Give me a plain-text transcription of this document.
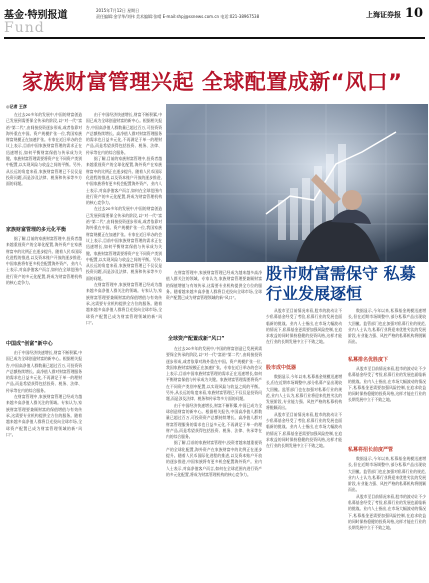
基金·特别报道
Fund
2015年7月12日 星期日
责任编辑:金学华/刘伟 美术编辑:张晴 E-mail:shpj@ssnews.com.cn 电话:021-38967538	上海证券报 10
家族财富管理兴起 全球配置成新“风口”
◎记者 王彦

在过去20多年的发展中,中国的财富创造已发展到需要保全传承的阶段,以“对一代”富裕“第二代”,由间接投资逐步形成,或者依靠对海外重在中国。资产规模扩张一位,我国家族财富规模正在加速扩张。专家在近日举办的会议上表示,目前中国家族财富管理的需求正在迅速增长,如何平衡财富保值与传承成为关键。家族财富管理需要将资产在不同资产类别中配置,以实现风险与收益之间的平衡。另外,从长远的角度来看,家族财富管理已不仅仅是投资问题,而是涉及法律、税务和传承等多方面的问题。

家族财富管理的多元化平衡

据了解,目前的家族财富管理中,投资者越来越重视资产的全球化配置,海外资产在家族财富中的比例正在逐步提升。随着人民币国际化进程的推进,以及资本账户开放的逐步推进,中国家族将有更多机会配置海外资产。业内人士表示,对高净值客户而言,如何在全球范围内进行资产的多元化配置,将成为财富管理机构的核心竞争力。

中国成“创富”新中心

由于中国经济快速增长,财富不断积累,中国已成为全球创造财富的新中心。根据相关报告,中国高净值人群数量已超过百万,可投资资产总额持续增长。高净值人群对财富管理服务的需求也日益多元化,不再满足于单一的理财产品,而是希望获得包括投资、税务、法律、传承等在内的综合服务。

在财富管理中,家族财富管理已经成为越来越多高净值人群关注的领域。专家认为,家族财富管理要兼顾财富的保值增值与有效传承,这需要专业机构提供全方位的服务。随着越来越多高净值人群将目光投向全球市场,全球资产配置已成为财富管理领域的新“风口”。

由于中国经济快速增长,财富不断积累,中国已成为全球创造财富的新中心。根据相关报告,中国高净值人群数量已超过百万,可投资资产总额持续增长。高净值人群对财富管理服务的需求也日益多元化,不再满足于单一的理财产品,而是希望获得包括投资、税务、法律、传承等在内的综合服务。

据了解,目前的家族财富管理中,投资者越来越重视资产的全球化配置,海外资产在家族财富中的比例正在逐步提升。随着人民币国际化进程的推进,以及资本账户开放的逐步推进,中国家族将有更多机会配置海外资产。业内人士表示,对高净值客户而言,如何在全球范围内进行资产的多元化配置,将成为财富管理机构的核心竞争力。

在过去20多年的发展中,中国的财富创造已发展到需要保全传承的阶段,以“对一代”富裕“第二代”,由间接投资逐步形成,或者依靠对海外重在中国。资产规模扩张一位,我国家族财富规模正在加速扩张。专家在近日举办的会议上表示,目前中国家族财富管理的需求正在迅速增长,如何平衡财富保值与传承成为关键。家族财富管理需要将资产在不同资产类别中配置,以实现风险与收益之间的平衡。另外,从长远的角度来看,家族财富管理已不仅仅是投资问题,而是涉及法律、税务和传承等多方面的问题。

在财富管理中,家族财富管理已经成为越来越多高净值人群关注的领域。专家认为,家族财富管理要兼顾财富的保值增值与有效传承,这需要专业机构提供全方位的服务。随着越来越多高净值人群将目光投向全球市场,全球资产配置已成为财富管理领域的新“风口”。

在财富管理中,家族财富管理已经成为越来越多高净值人群关注的领域。专家认为,家族财富管理要兼顾财富的保值增值与有效传承,这需要专业机构提供全方位的服务。随着越来越多高净值人群将目光投向全球市场,全球资产配置已成为财富管理领域的新“风口”。

全球资产配置成新“风口”

在过去20多年的发展中,中国的财富创造已发展到需要保全传承的阶段,以“对一代”富裕“第二代”,由间接投资逐步形成,或者依靠对海外重在中国。资产规模扩张一位,我国家族财富规模正在加速扩张。专家在近日举办的会议上表示,目前中国家族财富管理的需求正在迅速增长,如何平衡财富保值与传承成为关键。家族财富管理需要将资产在不同资产类别中配置,以实现风险与收益之间的平衡。另外,从长远的角度来看,家族财富管理已不仅仅是投资问题,而是涉及法律、税务和传承等多方面的问题。

由于中国经济快速增长,财富不断积累,中国已成为全球创造财富的新中心。根据相关报告,中国高净值人群数量已超过百万,可投资资产总额持续增长。高净值人群对财富管理服务的需求也日益多元化,不再满足于单一的理财产品,而是希望获得包括投资、税务、法律、传承等在内的综合服务。

据了解,目前的家族财富管理中,投资者越来越重视资产的全球化配置,海外资产在家族财富中的比例正在逐步提升。随着人民币国际化进程的推进,以及资本账户开放的逐步推进,中国家族将有更多机会配置海外资产。业内人士表示,对高净值客户而言,如何在全球范围内进行资产的多元化配置,将成为财富管理机构的核心竞争力。

股市财富需保守 私募行业发展逐恒

从股市至目前情况来看,股市的波动让不少私募基金经受了考验,私募行业的发展也面临新的挑战。业内人士指出,在市场大幅波动的情况下,私募基金更需要加强风险控制,在追求收益的同时保持稳健的投资风格,这样才能在行业的长期发展中立于不败之地。

股市成中低器

数据显示,今年以来,私募基金规模迅速增长,但在近期市场调整中,部分私募产品出现较大回撤。监管部门也在加强对私募行业的规范,业内人士认为,私募行业将迎来优胜劣汰的发展阶段,专业能力强、风控严格的私募机构将脱颖而出。

从股市至目前情况来看,股市的波动让不少私募基金经受了考验,私募行业的发展也面临新的挑战。业内人士指出,在市场大幅波动的情况下,私募基金更需要加强风险控制,在追求收益的同时保持稳健的投资风格,这样才能在行业的长期发展中立于不败之地。

数据显示,今年以来,私募基金规模迅速增长,但在近期市场调整中,部分私募产品出现较大回撤。监管部门也在加强对私募行业的规范,业内人士认为,私募行业将迎来优胜劣汰的发展阶段,专业能力强、风控严格的私募机构将脱颖而出。

私募排名优胜度下

从股市至目前情况来看,股市的波动让不少私募基金经受了考验,私募行业的发展也面临新的挑战。业内人士指出,在市场大幅波动的情况下,私募基金更需要加强风险控制,在追求收益的同时保持稳健的投资风格,这样才能在行业的长期发展中立于不败之地。

私募将招长前度严管

数据显示,今年以来,私募基金规模迅速增长,但在近期市场调整中,部分私募产品出现较大回撤。监管部门也在加强对私募行业的规范,业内人士认为,私募行业将迎来优胜劣汰的发展阶段,专业能力强、风控严格的私募机构将脱颖而出。

从股市至目前情况来看,股市的波动让不少私募基金经受了考验,私募行业的发展也面临新的挑战。业内人士指出,在市场大幅波动的情况下,私募基金更需要加强风险控制,在追求收益的同时保持稳健的投资风格,这样才能在行业的长期发展中立于不败之地。
